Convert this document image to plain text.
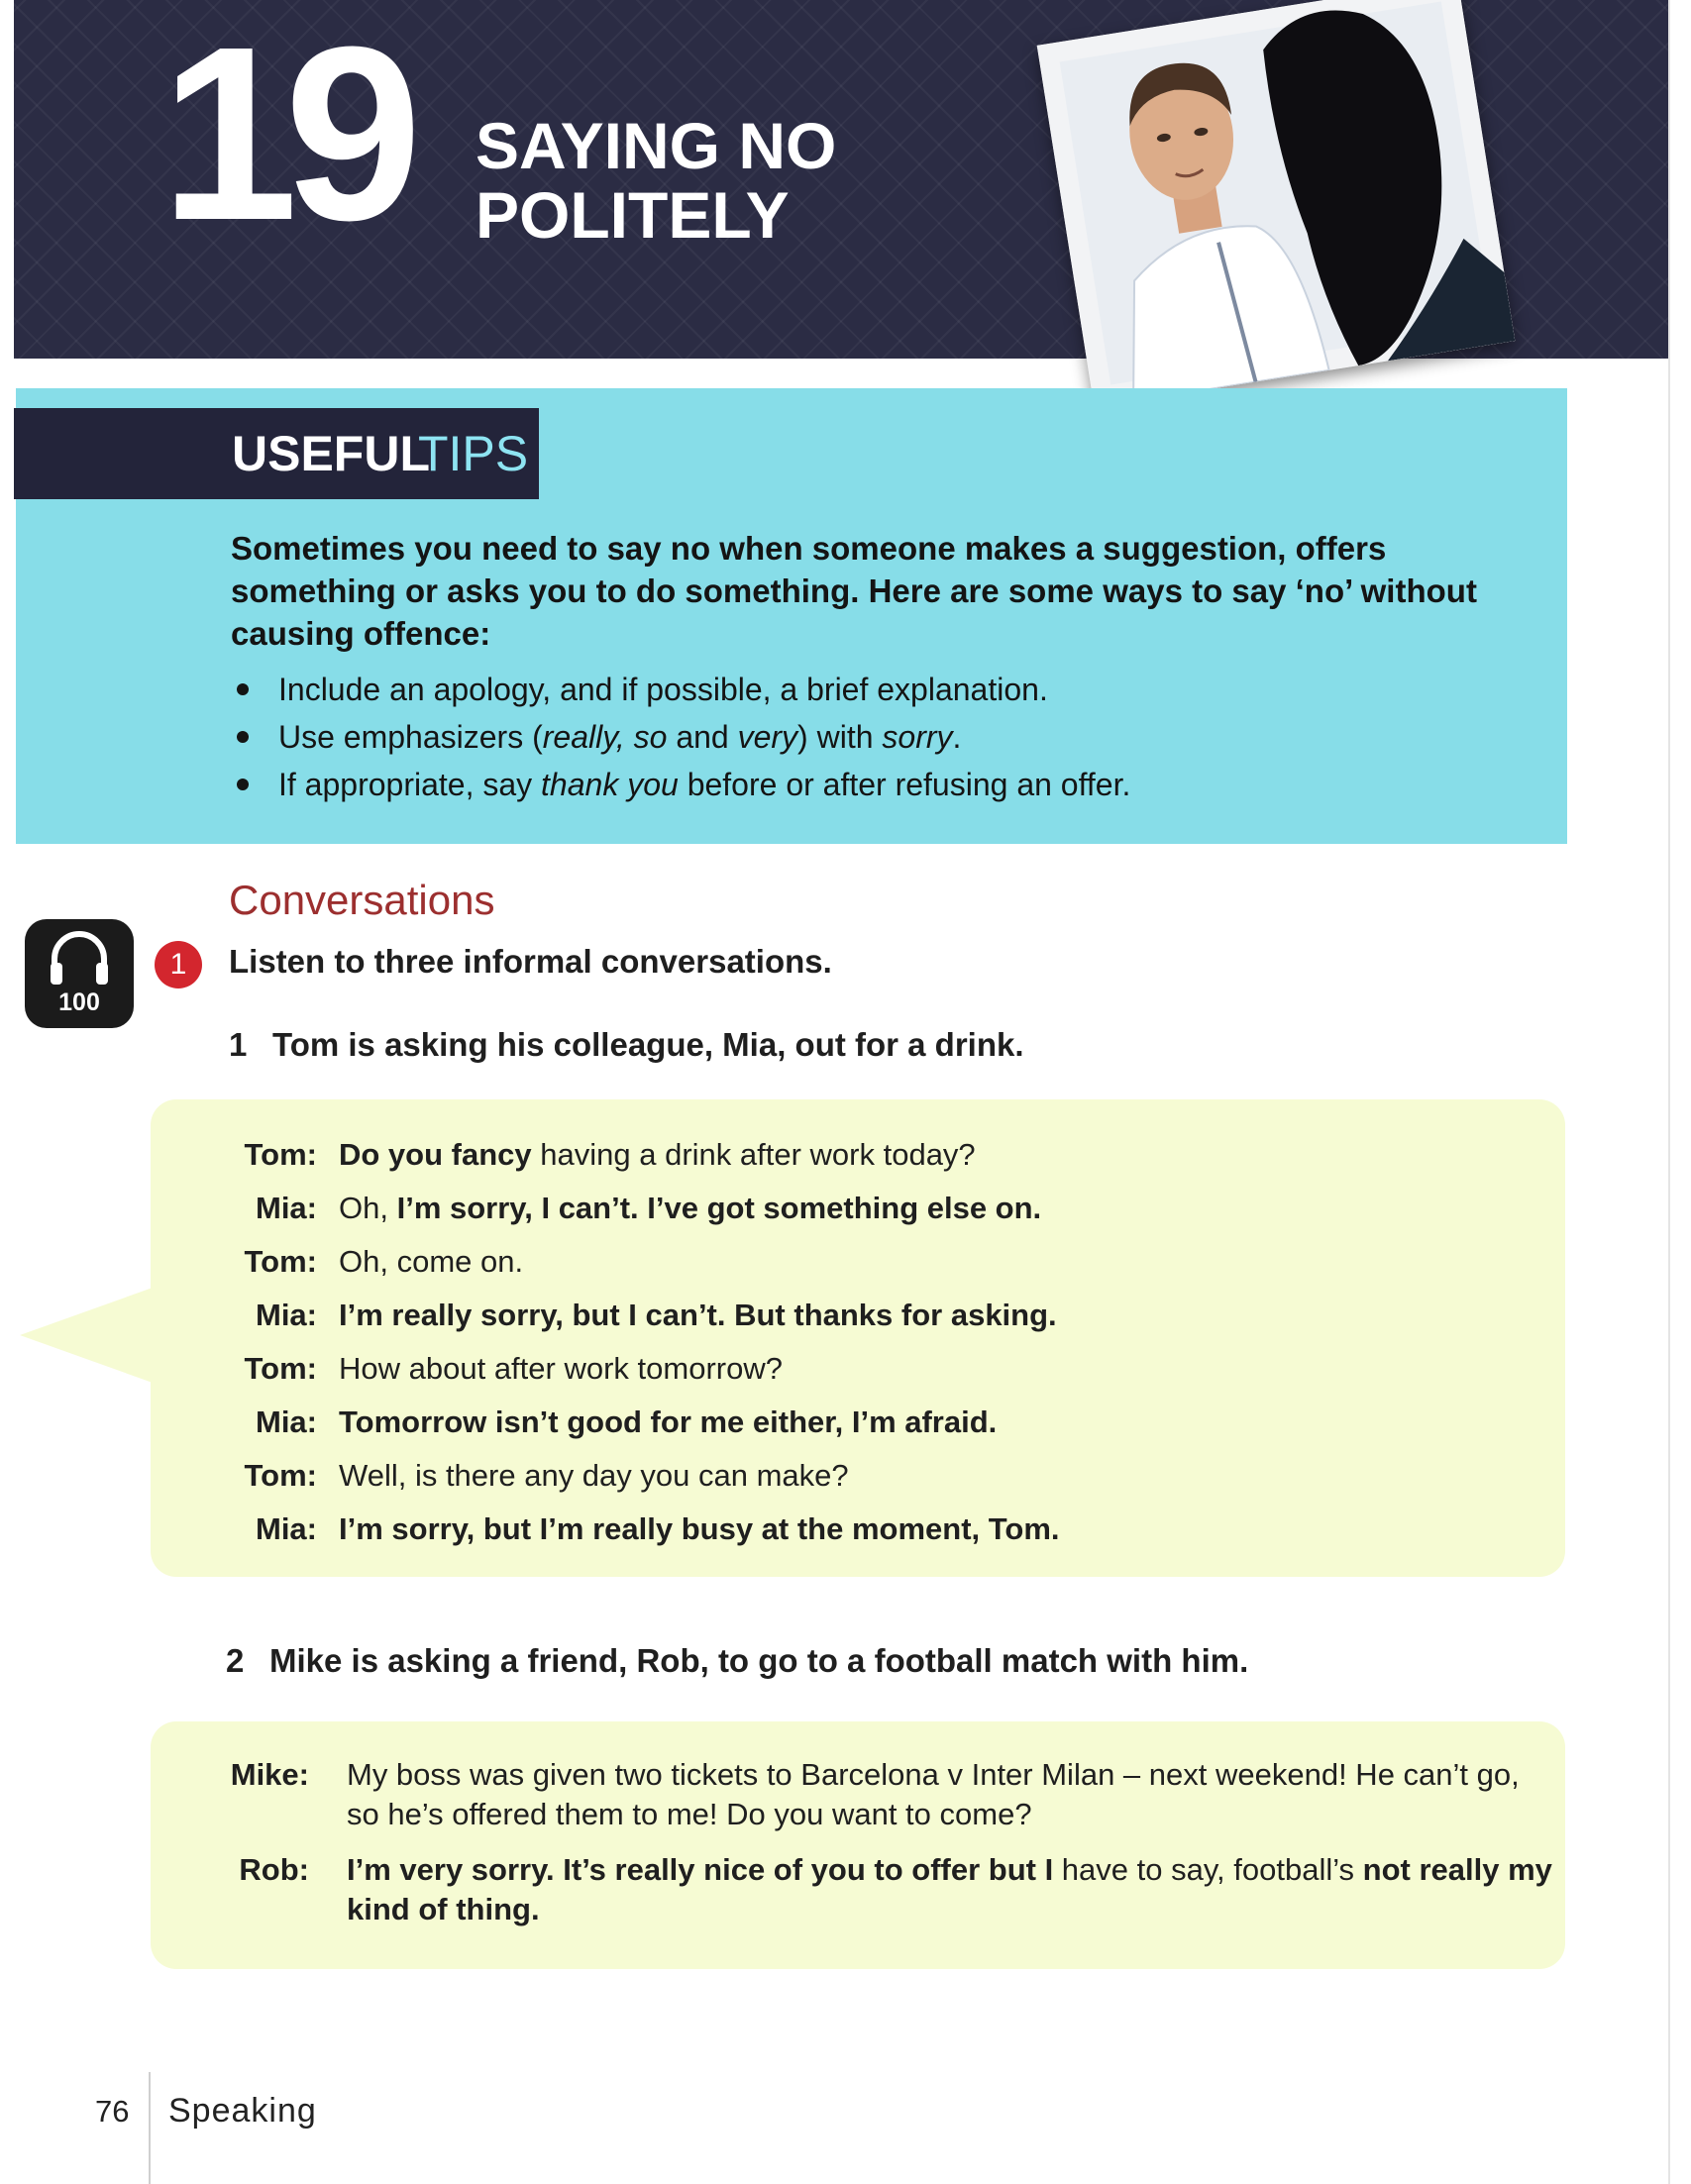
19 SAYING NO
POLITELY
USEFUL
TIPS
Sometimes you need to say no when someone makes a suggestion, offers something or asks you to do something. Here are some ways to say ‘no’ without causing offence:
Include an apology, and if possible, a brief explanation.
Use emphasizers (really, so and very) with sorry.
If appropriate, say thank you before or after refusing an offer.
Conversations
100
1	Listen to three informal conversations.
1 Tom is asking his colleague, Mia, out for a drink.
Tom: Do you fancy having a drink after work today?
Mia: Oh, I’m sorry, I can’t. I’ve got something else on.
Tom: Oh, come on.
Mia: I’m really sorry, but I can’t. But thanks for asking.
Tom: How about after work tomorrow?
Mia: Tomorrow isn’t good for me either, I’m afraid.
Tom: Well, is there any day you can make?
Mia: I’m sorry, but I’m really busy at the moment, Tom.
2 Mike is asking a friend, Rob, to go to a football match with him.
Mike: My boss was given two tickets to Barcelona v Inter Milan – next weekend! He can’t go, so he’s offered them to me! Do you want to come?
Rob: I’m very sorry. It’s really nice of you to offer but I have to say, football’s not really my kind of thing.
76 Speaking
